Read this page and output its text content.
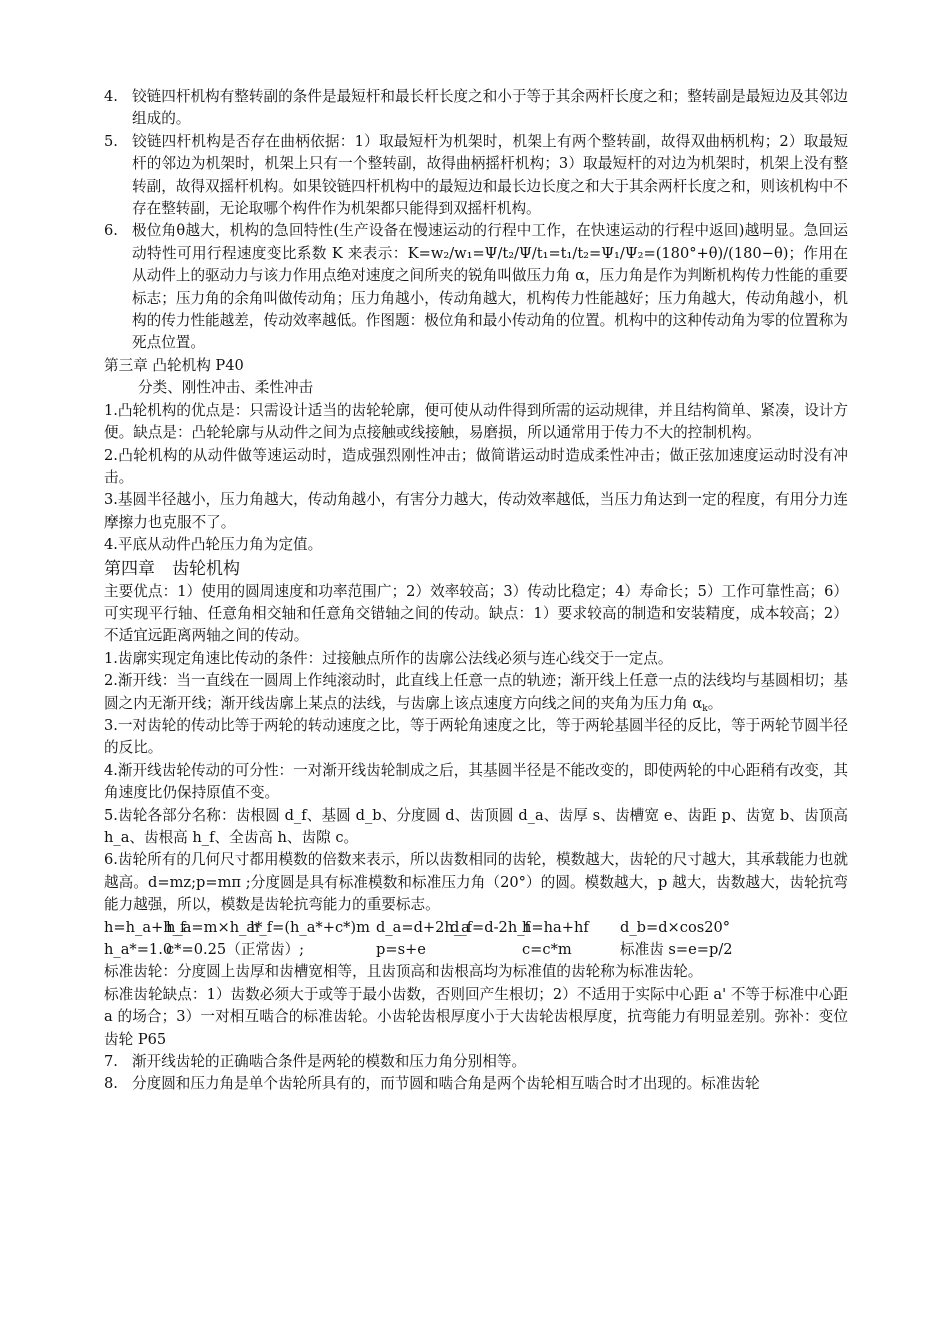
4. 铰链四杆机构有整转副的条件是最短杆和最长杆长度之和小于等于其余两杆长度之和；整转副是最短边及其邻边组成的。
5. 铰链四杆机构是否存在曲柄依据：1）取最短杆为机架时，机架上有两个整转副，故得双曲柄机构；2）取最短杆的邻边为机架时，机架上只有一个整转副，故得曲柄摇杆机构；3）取最短杆的对边为机架时，机架上没有整转副，故得双摇杆机构。如果铰链四杆机构中的最短边和最长边长度之和大于其余两杆长度之和，则该机构中不存在整转副，无论取哪个构件作为机架都只能得到双摇杆机构。
6. 极位角θ越大，机构的急回特性(生产设备在慢速运动的行程中工作，在快速运动的行程中返回)越明显。急回运动特性可用行程速度变比系数 K 来表示：K=w₂/w₁=Ψ/t₂/Ψ/t₁=t₁/t₂=Ψ₁/Ψ₂=(180°+θ)/(180−θ)；作用在从动件上的驱动力与该力作用点绝对速度之间所夹的锐角叫做压力角 α，压力角是作为判断机构传力性能的重要标志；压力角的余角叫做传动角；压力角越小，传动角越大，机构传力性能越好；压力角越大，传动角越小，机构的传力性能越差，传动效率越低。作图题：极位角和最小传动角的位置。机构中的这种传动角为零的位置称为死点位置。
第三章 凸轮机构 P40
分类、刚性冲击、柔性冲击
1.凸轮机构的优点是：只需设计适当的齿轮轮廓，便可使从动件得到所需的运动规律，并且结构简单、紧凑，设计方便。缺点是：凸轮轮廓与从动件之间为点接触或线接触，易磨损，所以通常用于传力不大的控制机构。
2.凸轮机构的从动件做等速运动时，造成强烈刚性冲击；做简谐运动时造成柔性冲击；做正弦加速度运动时没有冲击。
3.基圆半径越小，压力角越大，传动角越小，有害分力越大，传动效率越低，当压力角达到一定的程度，有用分力连摩擦力也克服不了。
4.平底从动件凸轮压力角为定值。
第四章　齿轮机构
主要优点：1）使用的圆周速度和功率范围广；2）效率较高；3）传动比稳定；4）寿命长；5）工作可靠性高；6）可实现平行轴、任意角相交轴和任意角交错轴之间的传动。缺点：1）要求较高的制造和安装精度，成本较高；2）不适宜远距离两轴之间的传动。
1.齿廓实现定角速比传动的条件：过接触点所作的齿廓公法线必须与连心线交于一定点。
2.渐开线：当一直线在一圆周上作纯滚动时，此直线上任意一点的轨迹；渐开线上任意一点的法线均与基圆相切；基圆之内无渐开线；渐开线齿廓上某点的法线，与齿廓上该点速度方向线之间的夹角为压力角 $\alpha_k$。
3.一对齿轮的传动比等于两轮的转动速度之比，等于两轮角速度之比，等于两轮基圆半径的反比，等于两轮节圆半径的反比。
4.渐开线齿轮传动的可分性：一对渐开线齿轮制成之后，其基圆半径是不能改变的，即使两轮的中心距稍有改变，其角速度比仍保持原值不变。
5.齿轮各部分名称：齿根圆 d_f、基圆 d_b、分度圆 d、齿顶圆 d_a、齿厚 s、齿槽宽 e、齿距 p、齿宽 b、齿顶高 h_a、齿根高 h_f、全齿高 h、齿隙 c。
6.齿轮所有的几何尺寸都用模数的倍数来表示，所以齿数相同的齿轮，模数越大，齿轮的尺寸越大，其承载能力也就越高。d=mz;p=mπ ;分度圆是具有标准模数和标准压力角（20°）的圆。模数越大，p 越大，齿数越大，齿轮抗弯能力越强，所以，模数是齿轮抗弯能力的重要标志。
h=h_a+h_f
h_a=m×h_a*
h_f=(h_a*+c*)m d_a=d+2h_a
d_f=d-2h_f
h=ha+hf	d_b=d×cos20°
h_a*=1.0
c*=0.25（正常齿）;	p=s+e	c=c*m	标准齿 s=e=p/2
标准齿轮：分度圆上齿厚和齿槽宽相等，且齿顶高和齿根高均为标准值的齿轮称为标准齿轮。
标准齿轮缺点：1）齿数必须大于或等于最小齿数，否则回产生根切；2）不适用于实际中心距 a' 不等于标准中心距 a 的场合；3）一对相互啮合的标准齿轮。小齿轮齿根厚度小于大齿轮齿根厚度，抗弯能力有明显差别。弥补：变位齿轮 P65
7. 渐开线齿轮的正确啮合条件是两轮的模数和压力角分别相等。
8. 分度圆和压力角是单个齿轮所具有的，而节圆和啮合角是两个齿轮相互啮合时才出现的。标准齿轮
